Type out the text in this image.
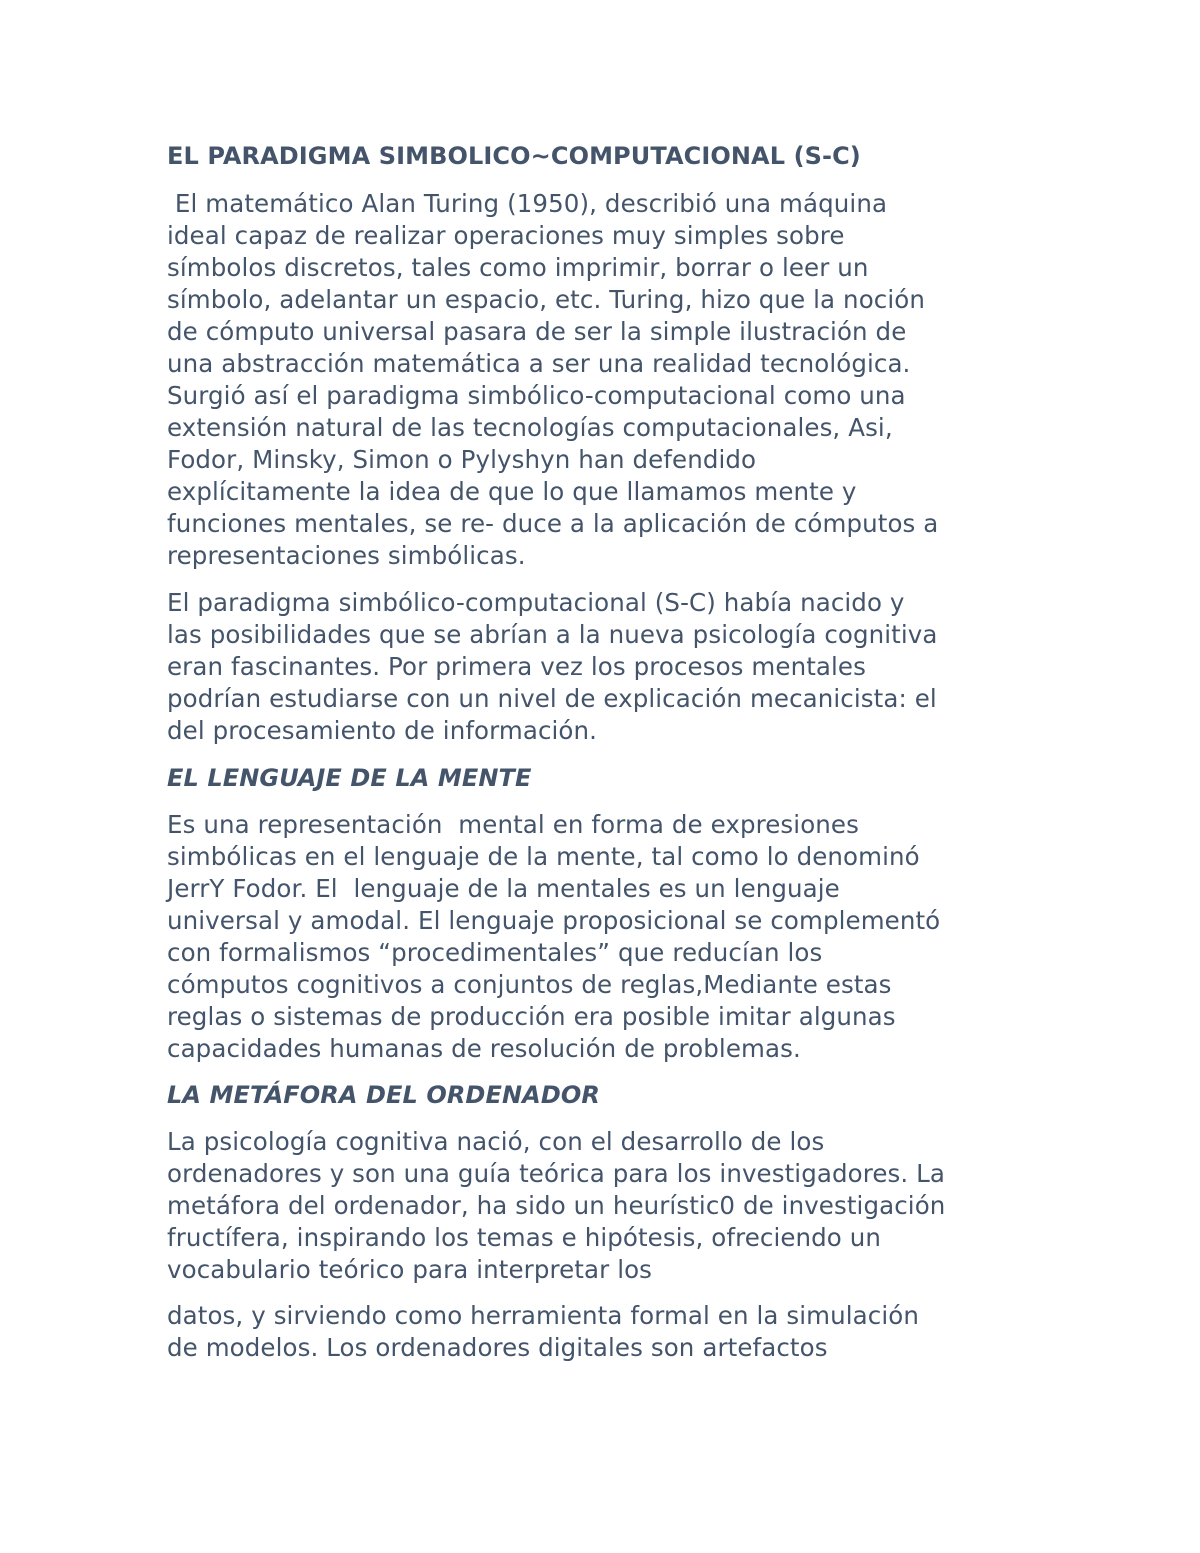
EL PARADIGMA SIMBOLICO~COMPUTACIONAL (S-C)
El matemático Alan Turing (1950), describió una máquina
ideal capaz de realizar operaciones muy simples sobre
símbolos discretos, tales como imprimir, borrar o leer un
símbolo, adelantar un espacio, etc. Turing, hizo que la noción
de cómputo universal pasara de ser la simple ilustración de
una abstracción matemática a ser una realidad tecnológica.
Surgió así el paradigma simbólico-computacional como una
extensión natural de las tecnologías computacionales, Asi,
Fodor, Minsky, Simon o Pylyshyn han defendido
explícitamente la idea de que lo que llamamos mente y
funciones mentales, se re- duce a la aplicación de cómputos a
representaciones simbólicas.
El paradigma simbólico-computacional (S-C) había nacido y
las posibilidades que se abrían a la nueva psicología cognitiva
eran fascinantes. Por primera vez los procesos mentales
podrían estudiarse con un nivel de explicación mecanicista: el
del procesamiento de información.
EL LENGUAJE DE LA MENTE
Es una representación  mental en forma de expresiones
simbólicas en el lenguaje de la mente, tal como lo denominó
JerrY Fodor. El  lenguaje de la mentales es un lenguaje
universal y amodal. El lenguaje proposicional se complementó
con formalismos “procedimentales” que reducían los
cómputos cognitivos a conjuntos de reglas,Mediante estas
reglas o sistemas de producción era posible imitar algunas
capacidades humanas de resolución de problemas.
LA METÁFORA DEL ORDENADOR
La psicología cognitiva nació, con el desarrollo de los
ordenadores y son una guía teórica para los investigadores. La
metáfora del ordenador, ha sido un heurístic0 de investigación
fructífera, inspirando los temas e hipótesis, ofreciendo un
vocabulario teórico para interpretar los
datos, y sirviendo como herramienta formal en la simulación
de modelos. Los ordenadores digitales son artefactos
